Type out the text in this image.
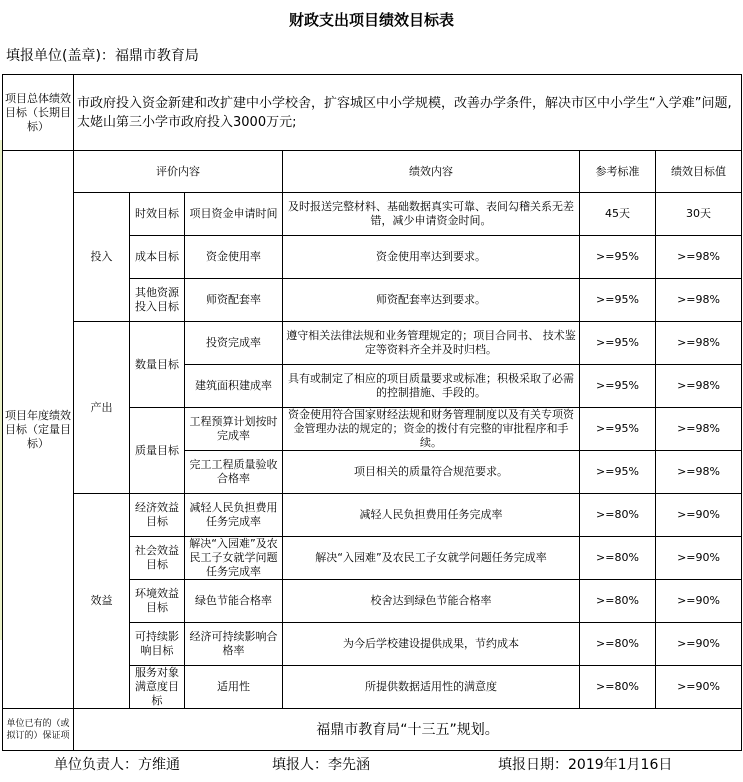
财政支出项目绩效目标表
填报单位(盖章)：福鼎市教育局
项目总体绩效 目标（长期目标）	市政府投入资金新建和改扩建中小学校舍，扩容城区中小学规模，改善办学条件，解决市区中小学生“入学难”问题,太姥山第三小学市政府投入3000万元;					
项目年度绩效目标（定量目标）	评价内容			绩效内容	参考标准	绩效目标值
	投入	时效目标	项目资金申请时间	及时报送完整材料、基础数据真实可靠、表间勾稽关系无差错，减少申请资金时间。	45天	30天
		成本目标	资金使用率	资金使用率达到要求。	>=95%	>=98%
		其他资源投入目标	师资配套率	师资配套率达到要求。	>=95%	>=98%
	产出	数量目标	投资完成率	遵守相关法律法规和业务管理规定的；项目合同书、 技术鉴定等资料齐全并及时归档。	>=95%	>=98%
			建筑面积建成率	具有或制定了相应的项目质量要求或标准；积极采取了必需的控制措施、手段的。	>=95%	>=98%
		质量目标	工程预算计划按时完成率	资金使用符合国家财经法规和财务管理制度以及有关专项资金管理办法的规定的；资金的拨付有完整的审批程序和手续。	>=95%	>=98%
			完工工程质量验收合格率	项目相关的质量符合规范要求。	>=95%	>=98%
	效益	经济效益目标	减轻人民负担费用任务完成率	减轻人民负担费用任务完成率	>=80%	>=90%
		社会效益目标	解决“入园难”及农民工子女就学问题任务完成率	解决“入园难”及农民工子女就学问题任务完成率	>=80%	>=90%
		环境效益目标	绿色节能合格率	校舍达到绿色节能合格率	>=80%	>=90%
		可持续影响目标	经济可持续影响合格率	为今后学校建设提供成果，节约成本	>=80%	>=90%
		服务对象满意度目标	适用性	所提供数据适用性的满意度	>=80%	>=90%
单位已有的（或拟订的）保证项	福鼎市教育局“十三五”规划。					
单位负责人：方维通	填报人：李先涵	填报日期：2019年1月16日
